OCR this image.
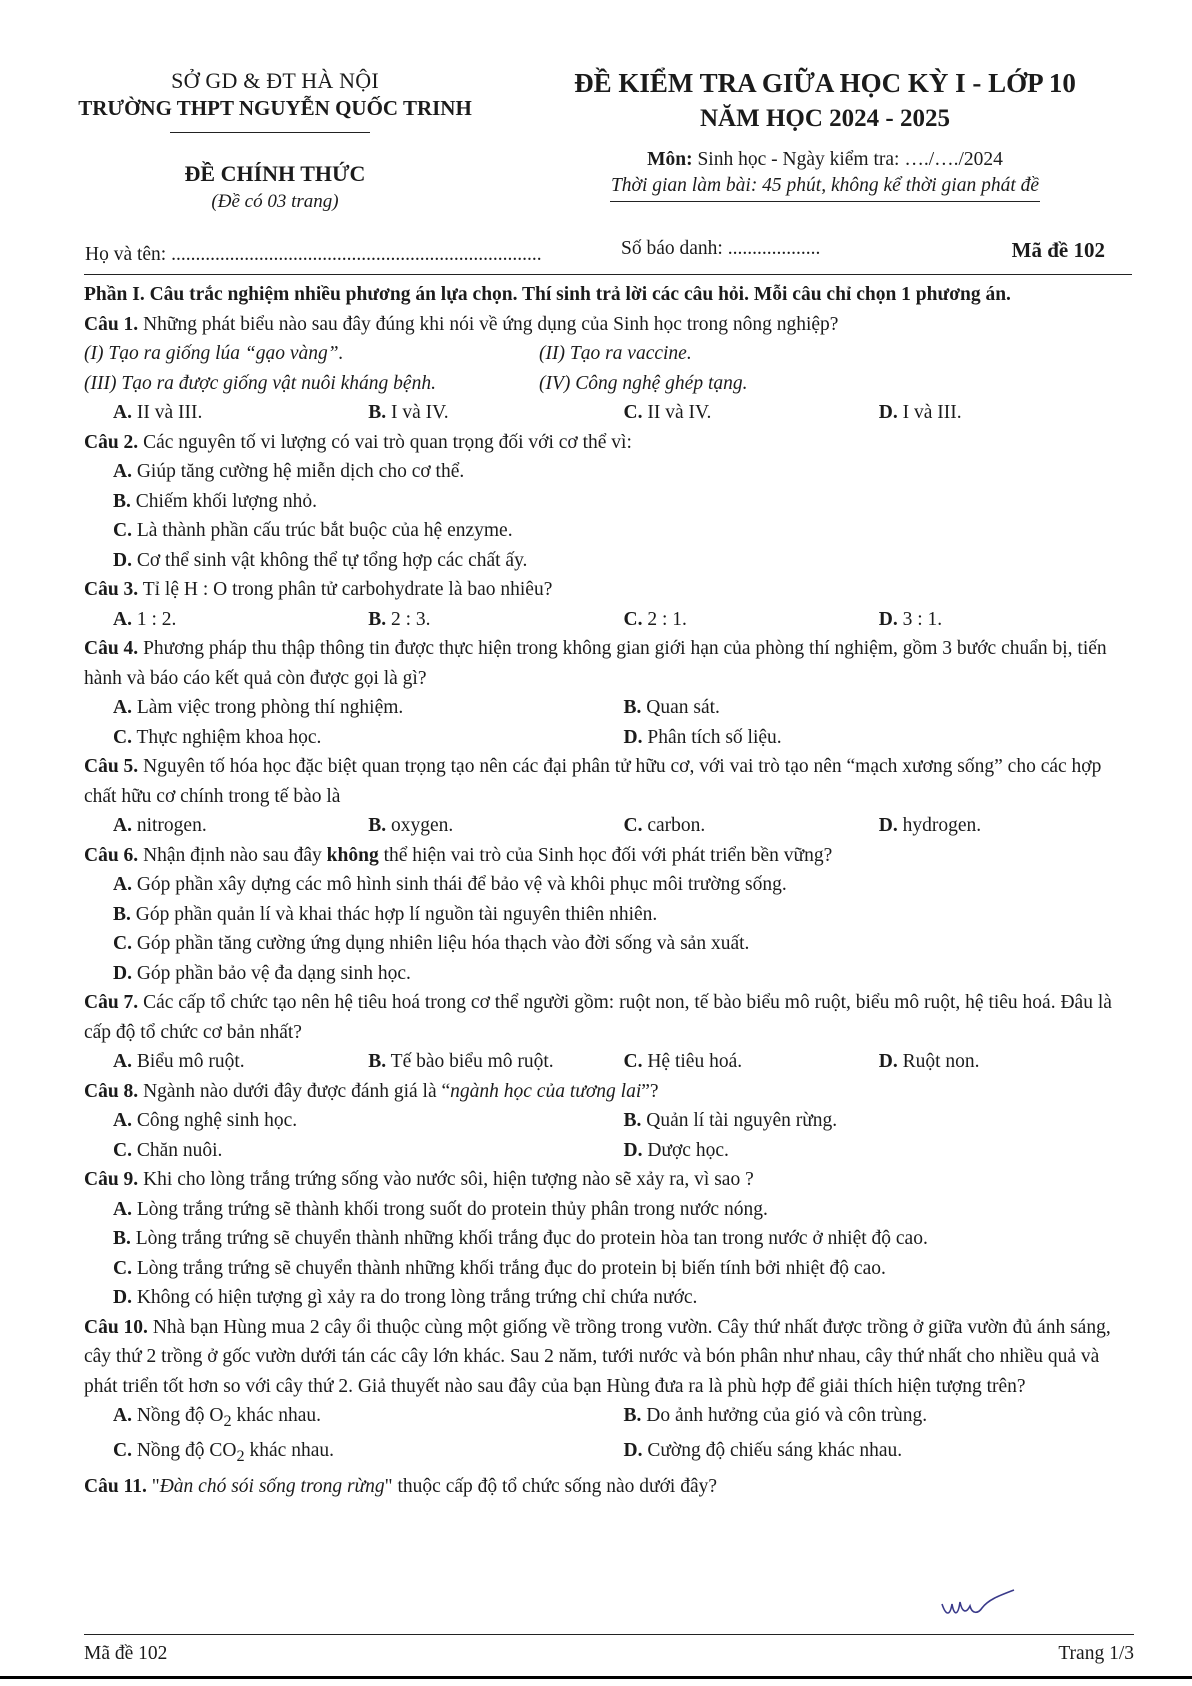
SỞ GD & ĐT HÀ NỘI
TRƯỜNG THPT NGUYỄN QUỐC TRINH
ĐỀ CHÍNH THỨC
(Đề có 03 trang)
ĐỀ KIỂM TRA GIỮA HỌC KỲ I - LỚP 10
NĂM HỌC 2024 - 2025
Môn: Sinh học - Ngày kiểm tra: …./…./2024
Thời gian làm bài: 45 phút, không kể thời gian phát đề
Họ và tên: ............................................................................	Số báo danh: ...................	Mã đề 102

Phần I. Câu trắc nghiệm nhiều phương án lựa chọn. Thí sinh trả lời các câu hỏi. Mỗi câu chỉ chọn 1 phương án.

Câu 1. Những phát biểu nào sau đây đúng khi nói về ứng dụng của Sinh học trong nông nghiệp?

(I) Tạo ra giống lúa “gạo vàng”.	(II) Tạo ra vaccine.
(III) Tạo ra được giống vật nuôi kháng bệnh.	(IV) Công nghệ ghép tạng.
A. II và III.	B. I và IV.	C. II và IV.	D. I và III.

Câu 2. Các nguyên tố vi lượng có vai trò quan trọng đối với cơ thể vì:

A. Giúp tăng cường hệ miễn dịch cho cơ thể.
B. Chiếm khối lượng nhỏ.
C. Là thành phần cấu trúc bắt buộc của hệ enzyme.
D. Cơ thể sinh vật không thể tự tổng hợp các chất ấy.

Câu 3. Tỉ lệ H : O trong phân tử carbohydrate là bao nhiêu?

A. 1 : 2.	B. 2 : 3.	C. 2 : 1.	D. 3 : 1.

Câu 4. Phương pháp thu thập thông tin được thực hiện trong không gian giới hạn của phòng thí nghiệm, gồm 3 bước chuẩn bị, tiến hành và báo cáo kết quả còn được gọi là gì?

A. Làm việc trong phòng thí nghiệm.	B. Quan sát.
C. Thực nghiệm khoa học.	D. Phân tích số liệu.

Câu 5. Nguyên tố hóa học đặc biệt quan trọng tạo nên các đại phân tử hữu cơ, với vai trò tạo nên “mạch xương sống” cho các hợp chất hữu cơ chính trong tế bào là

A. nitrogen.	B. oxygen.	C. carbon.	D. hydrogen.

Câu 6. Nhận định nào sau đây không thể hiện vai trò của Sinh học đối với phát triển bền vững?

A. Góp phần xây dựng các mô hình sinh thái để bảo vệ và khôi phục môi trường sống.
B. Góp phần quản lí và khai thác hợp lí nguồn tài nguyên thiên nhiên.
C. Góp phần tăng cường ứng dụng nhiên liệu hóa thạch vào đời sống và sản xuất.
D. Góp phần bảo vệ đa dạng sinh học.

Câu 7. Các cấp tổ chức tạo nên hệ tiêu hoá trong cơ thể người gồm: ruột non, tế bào biểu mô ruột, biểu mô ruột, hệ tiêu hoá. Đâu là cấp độ tổ chức cơ bản nhất?

A. Biểu mô ruột.	B. Tế bào biểu mô ruột.	C. Hệ tiêu hoá.	D. Ruột non.

Câu 8. Ngành nào dưới đây được đánh giá là “ngành học của tương lai”?

A. Công nghệ sinh học.	B. Quản lí tài nguyên rừng.
C. Chăn nuôi.	D. Dược học.

Câu 9. Khi cho lòng trắng trứng sống vào nước sôi, hiện tượng nào sẽ xảy ra, vì sao ?

A. Lòng trắng trứng sẽ thành khối trong suốt do protein thủy phân trong nước nóng.
B. Lòng trắng trứng sẽ chuyển thành những khối trắng đục do protein hòa tan trong nước ở nhiệt độ cao.
C. Lòng trắng trứng sẽ chuyển thành những khối trắng đục do protein bị biến tính bởi nhiệt độ cao.
D. Không có hiện tượng gì xảy ra do trong lòng trắng trứng chỉ chứa nước.

Câu 10. Nhà bạn Hùng mua 2 cây ổi thuộc cùng một giống về trồng trong vườn. Cây thứ nhất được trồng ở giữa vườn đủ ánh sáng, cây thứ 2 trồng ở gốc vườn dưới tán các cây lớn khác. Sau 2 năm, tưới nước và bón phân như nhau, cây thứ nhất cho nhiều quả và phát triển tốt hơn so với cây thứ 2. Giả thuyết nào sau đây của bạn Hùng đưa ra là phù hợp để giải thích hiện tượng trên?

A. Nồng độ $O_2$ khác nhau.	B. Do ảnh hưởng của gió và côn trùng.
C. Nồng độ $CO_2$ khác nhau.	D. Cường độ chiếu sáng khác nhau.

Câu 11. "Đàn chó sói sống trong rừng" thuộc cấp độ tổ chức sống nào dưới đây?

Mã đề 102	Trang 1/3
